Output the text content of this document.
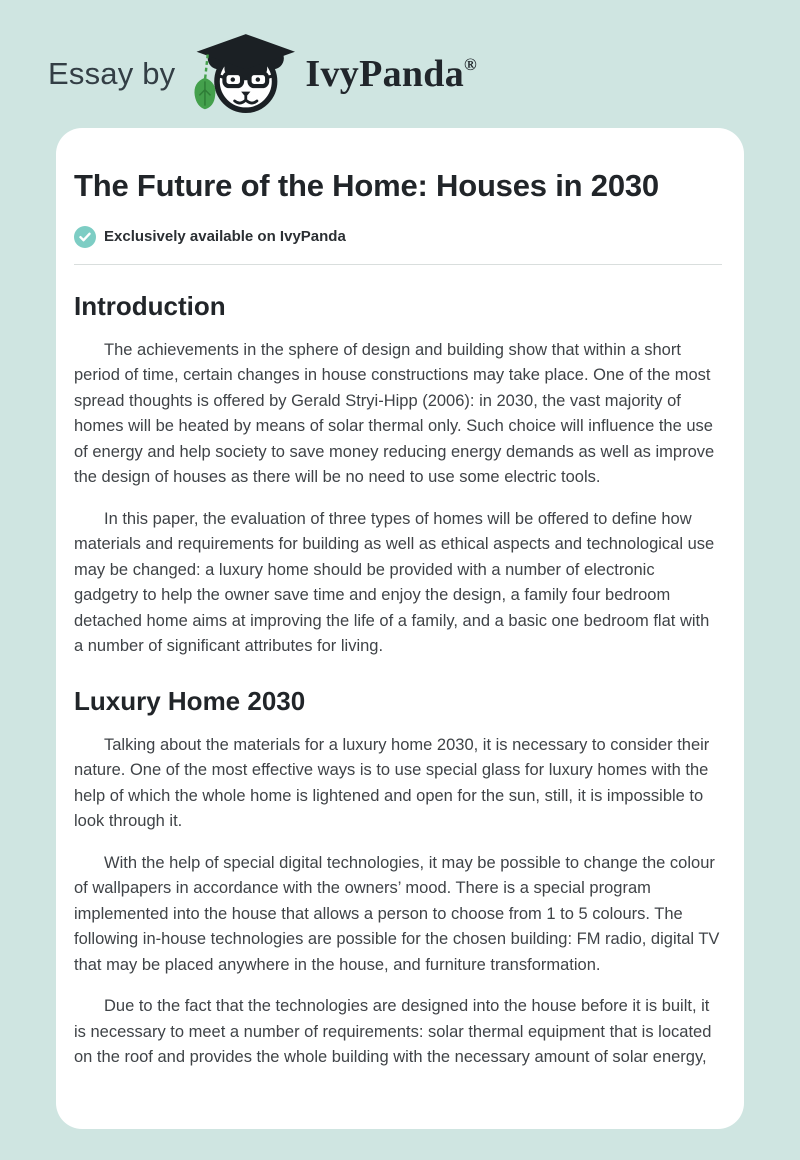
Essay by	IvyPanda®
The Future of the Home: Houses in 2030
Exclusively available on IvyPanda
Introduction

The achievements in the sphere of design and building show that within a short period of time, certain changes in house constructions may take place. One of the most spread thoughts is offered by Gerald Stryi-Hipp (2006): in 2030, the vast majority of homes will be heated by means of solar thermal only. Such choice will influence the use of energy and help society to save money reducing energy demands as well as improve the design of houses as there will be no need to use some electric tools.

In this paper, the evaluation of three types of homes will be offered to define how materials and requirements for building as well as ethical aspects and technological use may be changed: a luxury home should be provided with a number of electronic gadgetry to help the owner save time and enjoy the design, a family four bedroom detached home aims at improving the life of a family, and a basic one bedroom flat with a number of significant attributes for living.

Luxury Home 2030

Talking about the materials for a luxury home 2030, it is necessary to consider their nature. One of the most effective ways is to use special glass for luxury homes with the help of which the whole home is lightened and open for the sun, still, it is impossible to look through it.

With the help of special digital technologies, it may be possible to change the colour of wallpapers in accordance with the owners’ mood. There is a special program implemented into the house that allows a person to choose from 1 to 5 colours. The following in-house technologies are possible for the chosen building: FM radio, digital TV that may be placed anywhere in the house, and furniture transformation.

Due to the fact that the technologies are designed into the house before it is built, it is necessary to meet a number of requirements: solar thermal equipment that is located on the roof and provides the whole building with the necessary amount of solar energy,
